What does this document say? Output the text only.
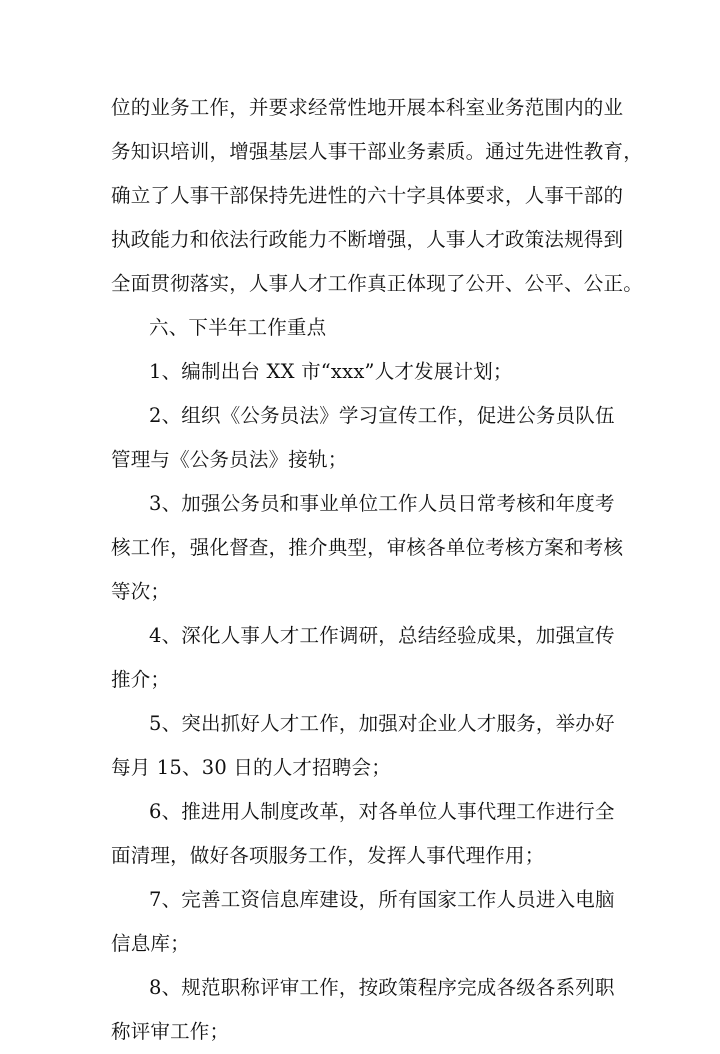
位的业务工作，并要求经常性地开展本科室业务范围内的业
务知识培训，增强基层人事干部业务素质。通过先进性教育，
确立了人事干部保持先进性的六十字具体要求，人事干部的
执政能力和依法行政能力不断增强，人事人才政策法规得到
全面贯彻落实，人事人才工作真正体现了公开、公平、公正。
六、下半年工作重点
1、编制出台 XX 市“xxx”人才发展计划；
2、组织《公务员法》学习宣传工作，促进公务员队伍
管理与《公务员法》接轨；
3、加强公务员和事业单位工作人员日常考核和年度考
核工作，强化督查，推介典型，审核各单位考核方案和考核
等次；
4、深化人事人才工作调研，总结经验成果，加强宣传
推介；
5、突出抓好人才工作，加强对企业人才服务，举办好
每月 15、30 日的人才招聘会；
6、推进用人制度改革，对各单位人事代理工作进行全
面清理，做好各项服务工作，发挥人事代理作用；
7、完善工资信息库建设，所有国家工作人员进入电脑
信息库；
8、规范职称评审工作，按政策程序完成各级各系列职
称评审工作；
